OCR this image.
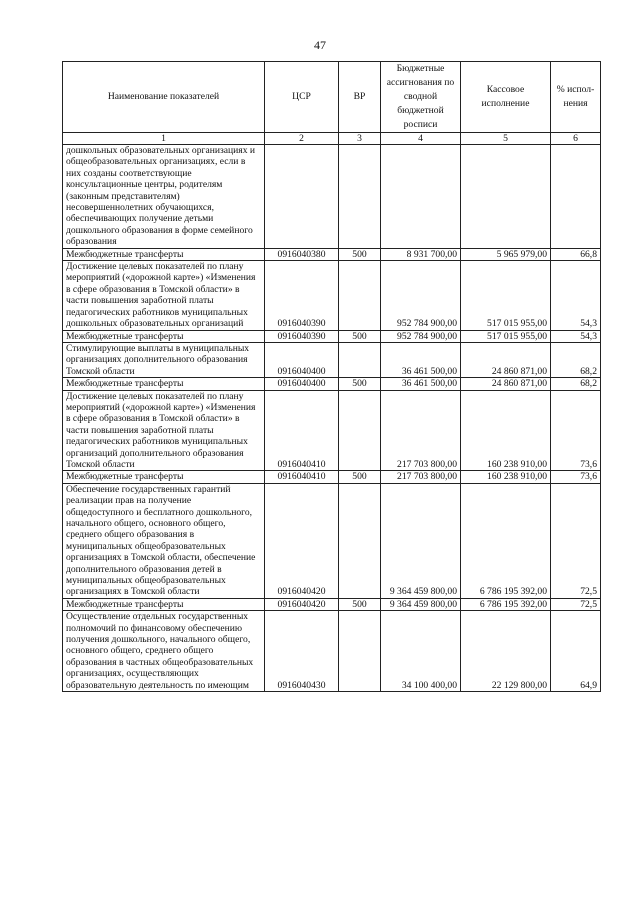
47
Наименование показателей	ЦСР	ВР	Бюджетные ассигнования по сводной бюджетной росписи	Кассовое исполнение	% испол-нения
1	2	3	4	5	6
дошкольных образовательных организациях и общеобразовательных организациях, если в них созданы соответствующие консультационные центры, родителям (законным представителям) несовершеннолетних обучающихся, обеспечивающих получение детьми дошкольного образования в форме семейного образования					
Межбюджетные трансферты	0916040380	500	8 931 700,00	5 965 979,00	66,8
Достижение целевых показателей по плану мероприятий («дорожной карте») «Изменения в сфере образования в Томской области» в части повышения заработной платы педагогических работников муниципальных дошкольных образовательных организаций	0916040390		952 784 900,00	517 015 955,00	54,3
Межбюджетные трансферты	0916040390	500	952 784 900,00	517 015 955,00	54,3
Стимулирующие выплаты в муниципальных организациях дополнительного образования Томской области	0916040400		36 461 500,00	24 860 871,00	68,2
Межбюджетные трансферты	0916040400	500	36 461 500,00	24 860 871,00	68,2
Достижение целевых показателей по плану мероприятий («дорожной карте») «Изменения в сфере образования в Томской области» в части повышения заработной платы педагогических работников муниципальных организаций дополнительного образования Томской области	0916040410		217 703 800,00	160 238 910,00	73,6
Межбюджетные трансферты	0916040410	500	217 703 800,00	160 238 910,00	73,6
Обеспечение государственных гарантий реализации прав на получение общедоступного и бесплатного дошкольного, начального общего, основного общего, среднего общего образования в муниципальных общеобразовательных организациях в Томской области, обеспечение дополнительного образования детей в муниципальных общеобразовательных организациях в Томской области	0916040420		9 364 459 800,00	6 786 195 392,00	72,5
Межбюджетные трансферты	0916040420	500	9 364 459 800,00	6 786 195 392,00	72,5
Осуществление отдельных государственных полномочий по финансовому обеспечению получения дошкольного, начального общего, основного общего, среднего общего образования в частных общеобразовательных организациях, осуществляющих образовательную деятельность по имеющим	0916040430		34 100 400,00	22 129 800,00	64,9
